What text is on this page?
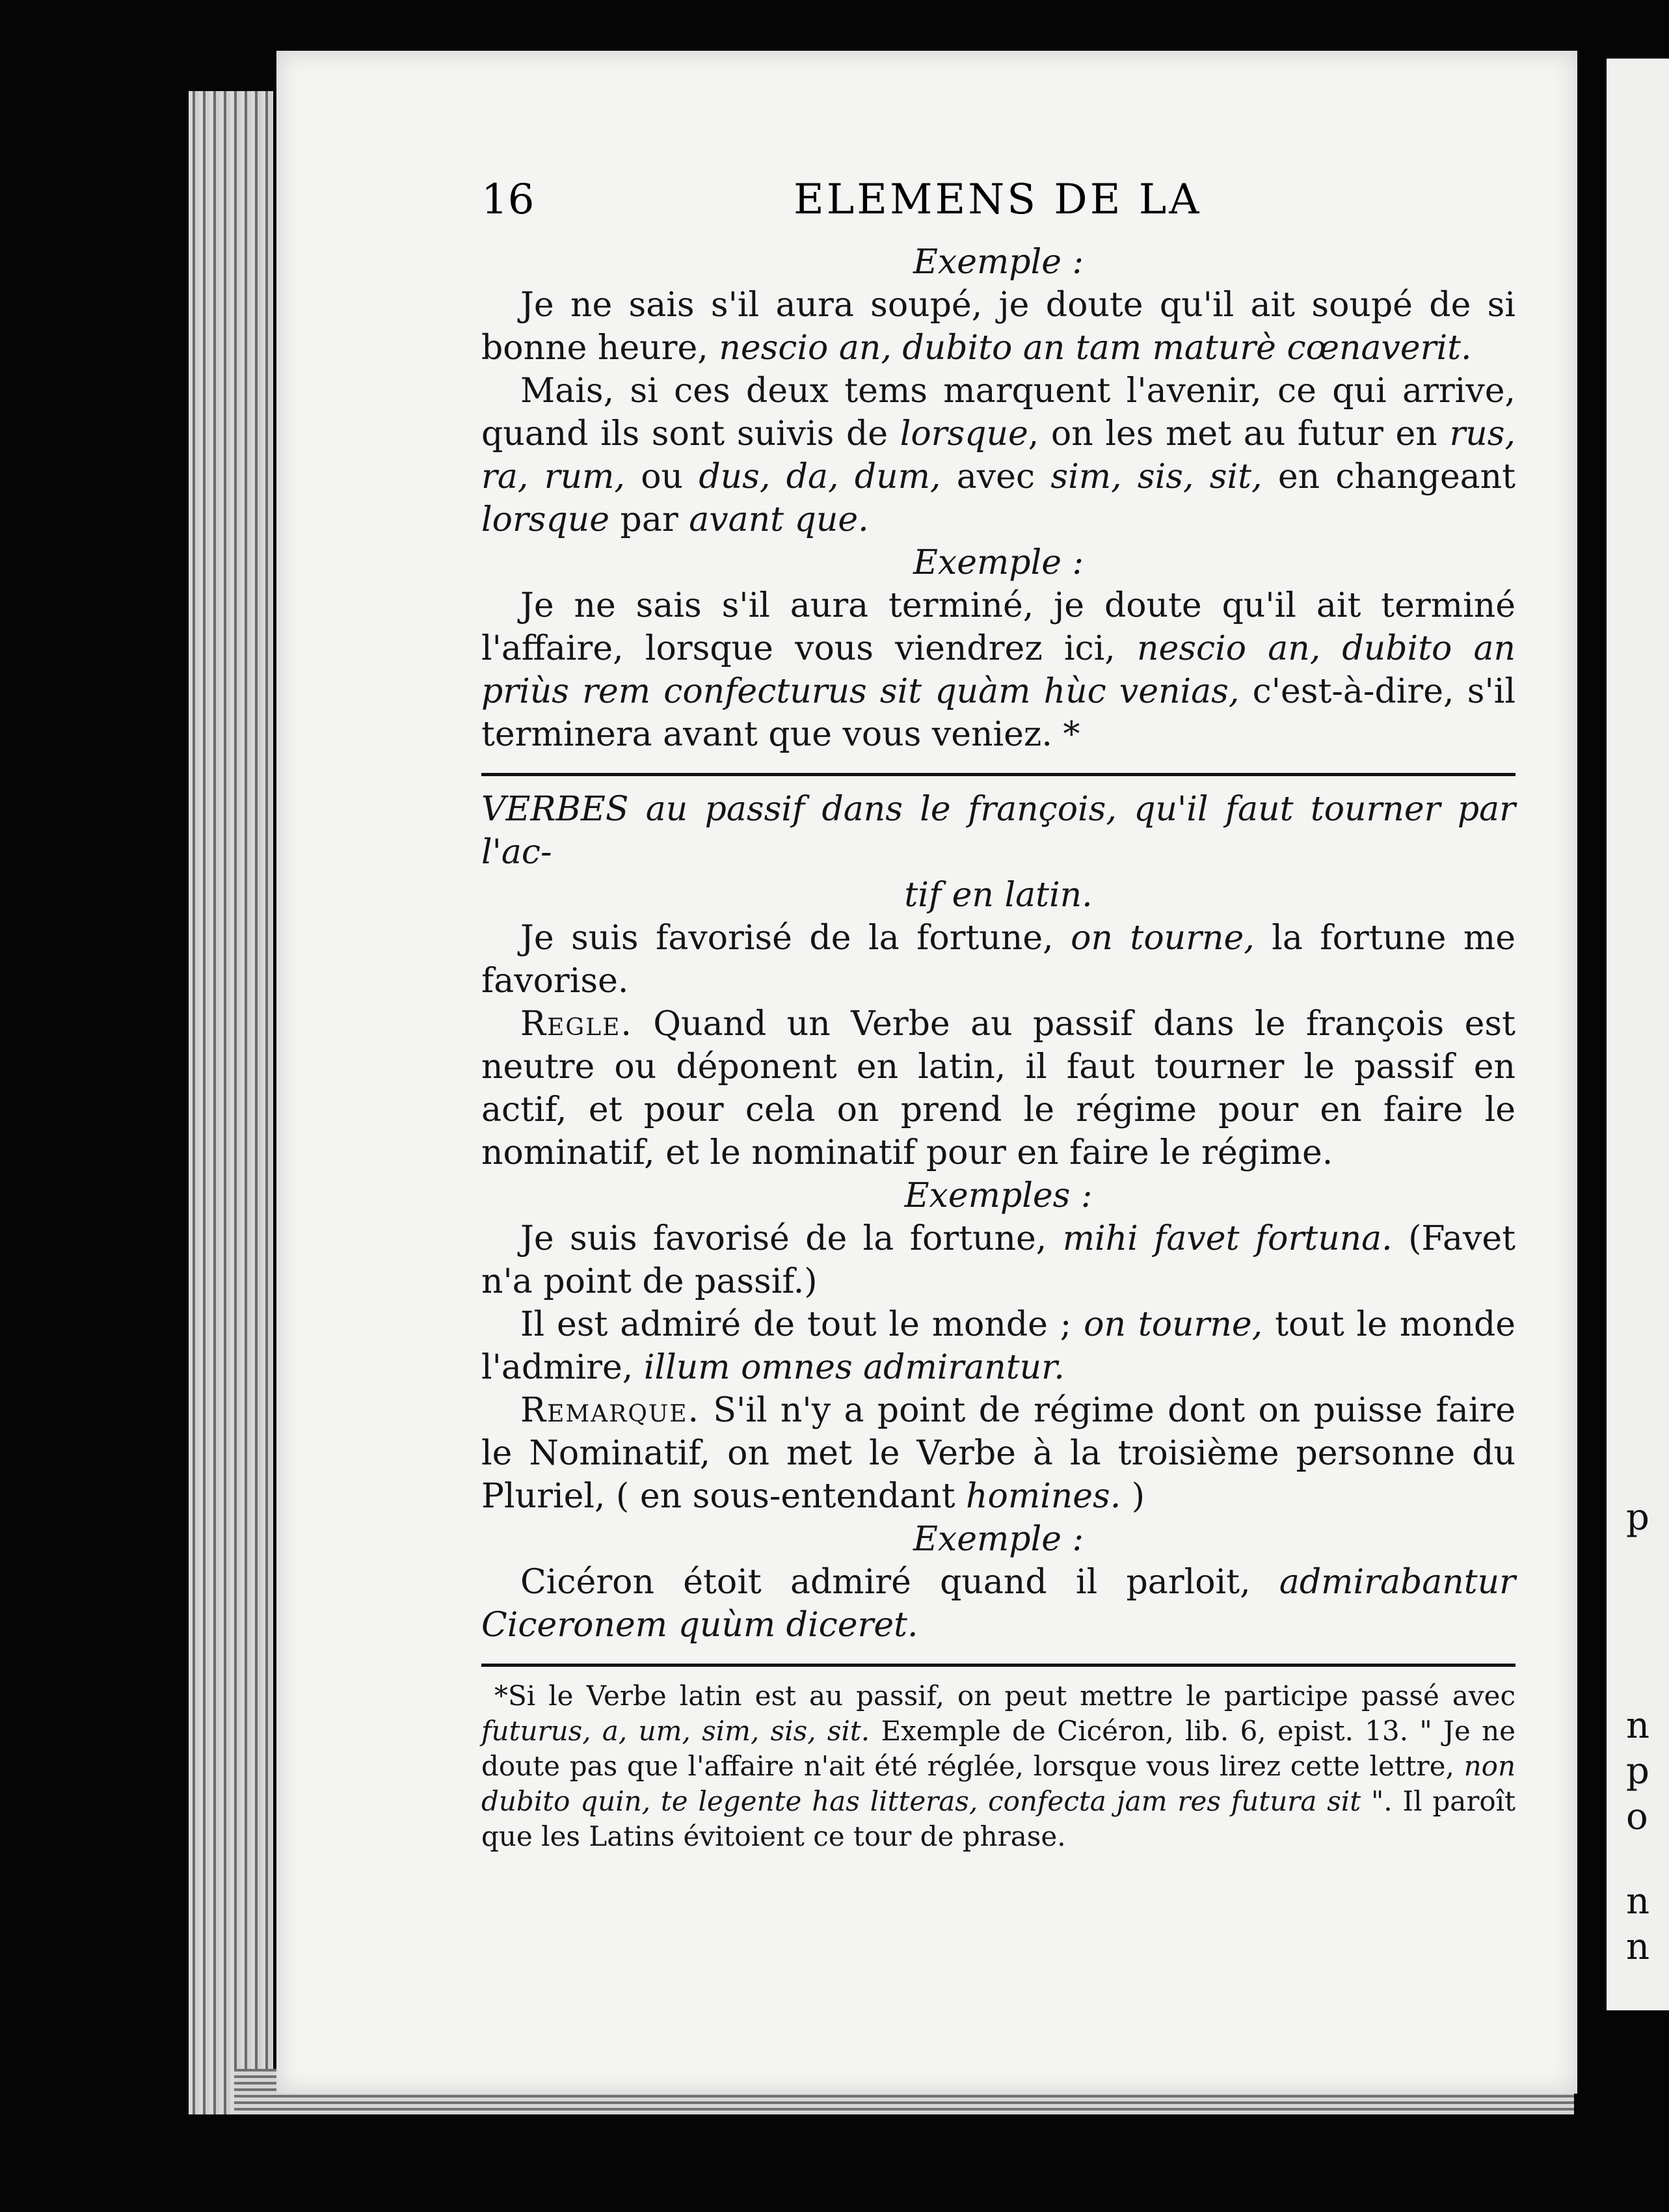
p
n
p
o
n
n
16	ELEMENS DE LA

Exemple :

Je ne sais s'il aura soupé, je doute qu'il ait soupé de si bonne heure, nescio an, dubito an tam maturè cœnaverit.

Mais, si ces deux tems marquent l'avenir, ce qui arrive, quand ils sont suivis de lorsque, on les met au futur en rus, ra, rum, ou dus, da, dum, avec sim, sis, sit, en changeant lorsque par avant que.

Exemple :

Je ne sais s'il aura terminé, je doute qu'il ait terminé l'affaire, lorsque vous viendrez ici, nescio an, dubito an priùs rem confecturus sit quàm hùc venias, c'est-à-dire, s'il terminera avant que vous veniez. *

VERBES au passif dans le françois, qu'il faut tourner par l'ac-
tif en latin.

Je suis favorisé de la fortune, on tourne, la fortune me favorise.

Regle. Quand un Verbe au passif dans le françois est neutre ou déponent en latin, il faut tourner le passif en actif, et pour cela on prend le régime pour en faire le nominatif, et le nominatif pour en faire le régime.

Exemples :

Je suis favorisé de la fortune, mihi favet fortuna. (Favet n'a point de passif.)

Il est admiré de tout le monde ; on tourne, tout le monde l'admire, illum omnes admirantur.

Remarque. S'il n'y a point de régime dont on puisse faire le Nominatif, on met le Verbe à la troisième personne du Pluriel, ( en sous-entendant homines. )

Exemple :

Cicéron étoit admiré quand il parloit, admirabantur Ciceronem quùm diceret.

*Si le Verbe latin est au passif, on peut mettre le participe passé avec futurus, a, um, sim, sis, sit. Exemple de Cicéron, lib. 6, epist. 13. " Je ne doute pas que l'affaire n'ait été réglée, lorsque vous lirez cette lettre, non dubito quin, te legente has litteras, confecta jam res futura sit ". Il paroît que les Latins évitoient ce tour de phrase.
